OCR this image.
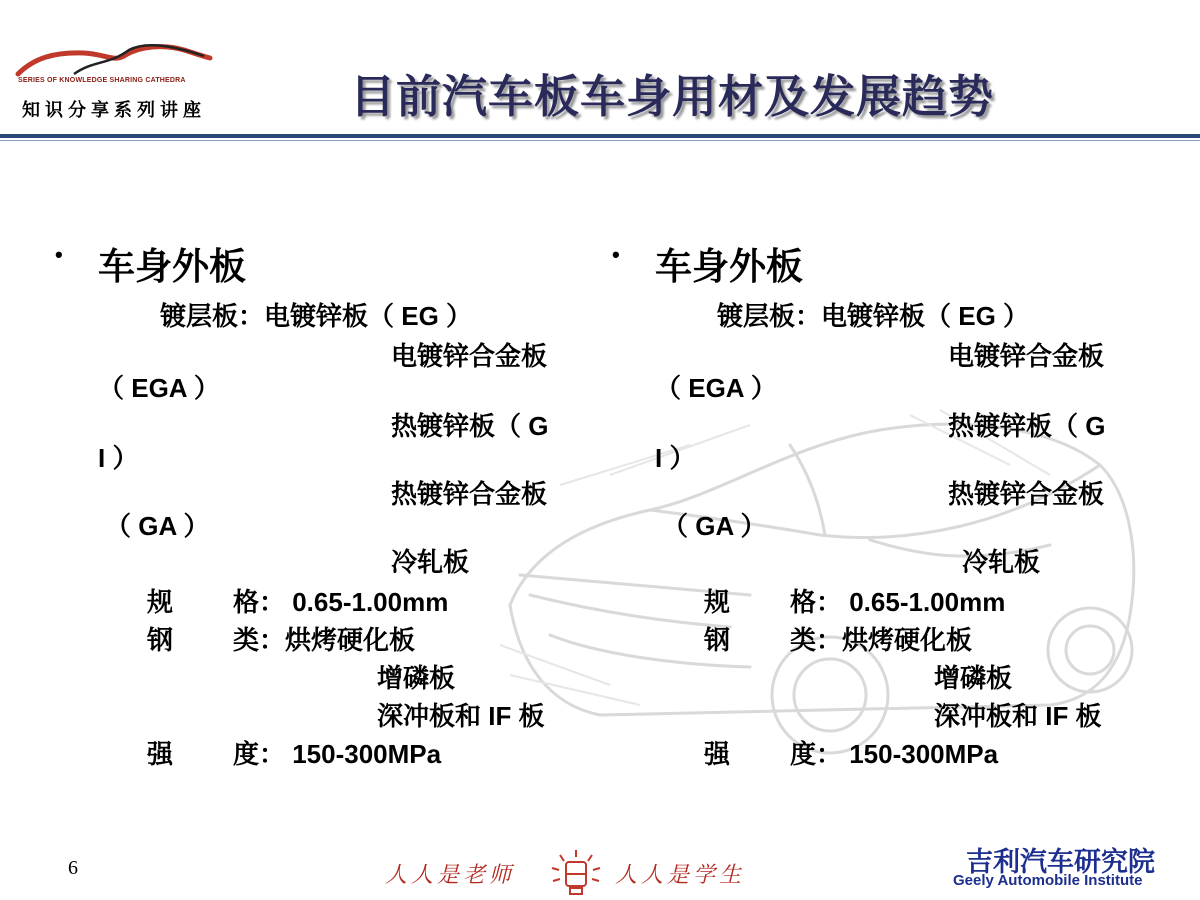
SERIES OF KNOWLEDGE SHARING CATHEDRA
知识分享系列讲座	目前汽车板车身用材及发展趋势
• 车身外板
镀层板：电镀锌板（ EG ）
电镀锌合金板
（ EGA ）
热镀锌板（ G
I ）
热镀锌合金板
（ GA ）
冷轧板
规 格： 0.65-1.00mm
钢 类：烘烤硬化板
增磷板
深冲板和 IF 板
强 度： 150-300MPa
• 车身外板
镀层板：电镀锌板（ EG ）
电镀锌合金板
（ EGA ）
热镀锌板（ G
I ）
热镀锌合金板
（ GA ）
冷轧板
规 格： 0.65-1.00mm
钢 类：烘烤硬化板
增磷板
深冲板和 IF 板
强 度： 150-300MPa
6	人人是老师	人人是学生	吉利汽车研究院
Geely Automobile Institute
